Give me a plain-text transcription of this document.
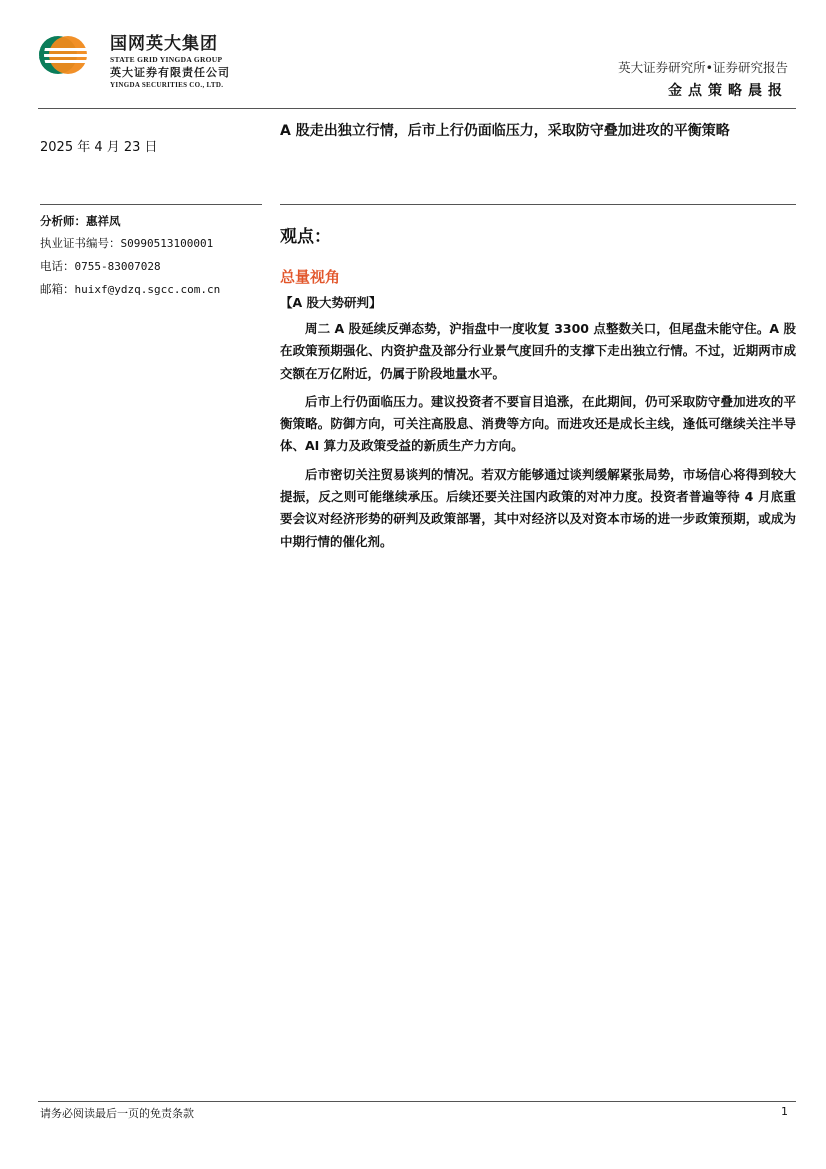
国网英大集团
STATE GRID YINGDA GROUP
英大证券有限责任公司
YINGDA SECURITIES CO., LTD.
英大证券研究所•证券研究报告
金点策略晨报
2025 年 4 月 23 日
A 股走出独立行情，后市上行仍面临压力，采取防守叠加进攻的平衡策略
分析师：惠祥凤
执业证书编号：S0990513100001
电话：0755-83007028
邮箱：huixf@ydzq.sgcc.com.cn
观点：
总量视角
【A 股大势研判】

周二 A 股延续反弹态势，沪指盘中一度收复 3300 点整数关口，但尾盘未能守住。A 股在政策预期强化、内资护盘及部分行业景气度回升的支撑下走出独立行情。不过，近期两市成交额在万亿附近，仍属于阶段地量水平。

后市上行仍面临压力。建议投资者不要盲目追涨，在此期间，仍可采取防守叠加进攻的平衡策略。防御方向，可关注高股息、消费等方向。而进攻还是成长主线，逢低可继续关注半导体、AI 算力及政策受益的新质生产力方向。

后市密切关注贸易谈判的情况。若双方能够通过谈判缓解紧张局势，市场信心将得到较大提振，反之则可能继续承压。后续还要关注国内政策的对冲力度。投资者普遍等待 4 月底重要会议对经济形势的研判及政策部署，其中对经济以及对资本市场的进一步政策预期，或成为中期行情的催化剂。

请务必阅读最后一页的免责条款	1
